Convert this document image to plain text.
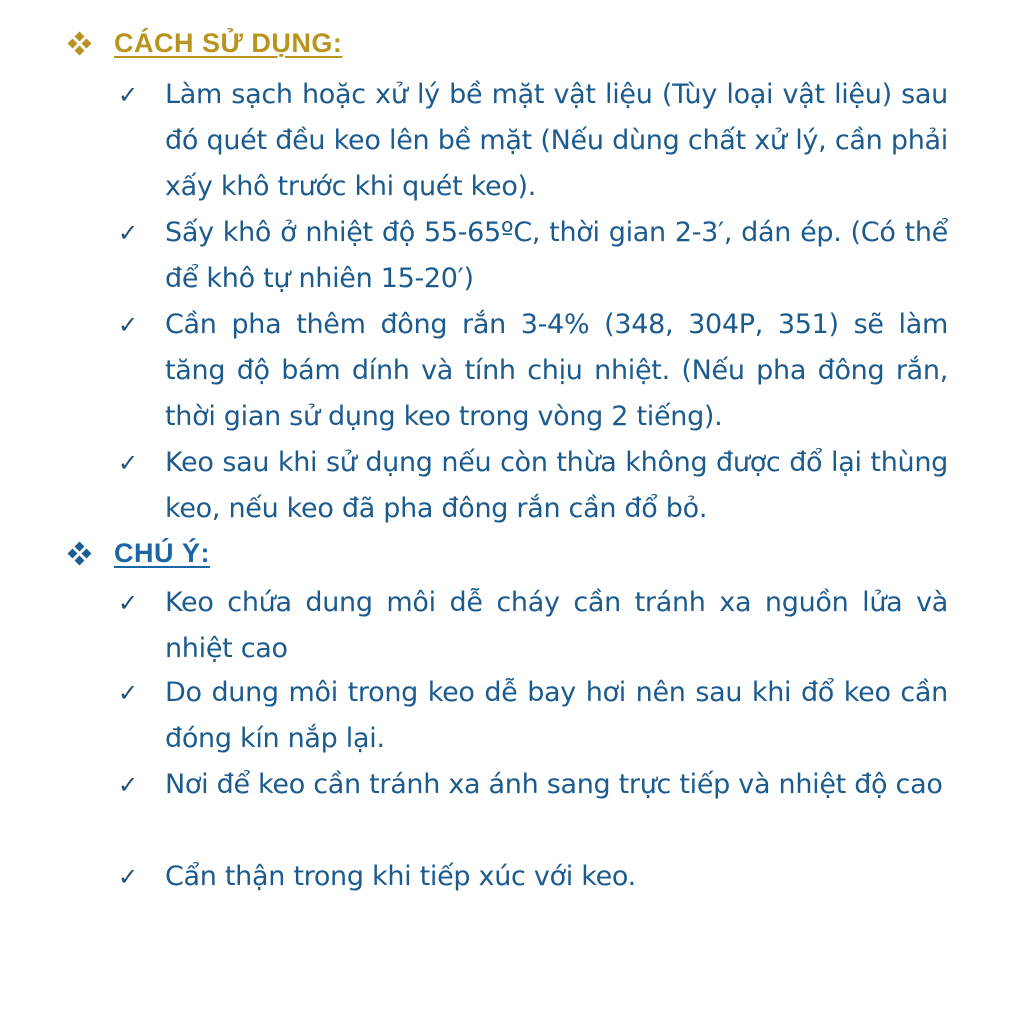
CÁCH SỬ DỤNG:
✓ Làm sạch hoặc xử lý bề mặt vật liệu (Tùy loại vật liệu) sau đó quét đều keo lên bề mặt (Nếu dùng chất xử lý, cần phải xấy khô trước khi quét keo).
✓ Sấy khô ở nhiệt độ 55-65ºC, thời gian 2-3′, dán ép. (Có thể để khô tự nhiên 15-20′)
✓ Cần pha thêm đông rắn 3-4% (348, 304P, 351) sẽ làm tăng độ bám dính và tính chịu nhiệt. (Nếu pha đông rắn, thời gian sử dụng keo trong vòng 2 tiếng).
✓ Keo sau khi sử dụng nếu còn thừa không được đổ lại thùng keo, nếu keo đã pha đông rắn cần đổ bỏ.
CHÚ Ý:
✓ Keo chứa dung môi dễ cháy cần tránh xa nguồn lửa và nhiệt cao
✓ Do dung môi trong keo dễ bay hơi nên sau khi đổ keo cần đóng kín nắp lại.
✓ Nơi để keo cần tránh xa ánh sang trực tiếp và nhiệt độ cao
✓ Cẩn thận trong khi tiếp xúc với keo.
